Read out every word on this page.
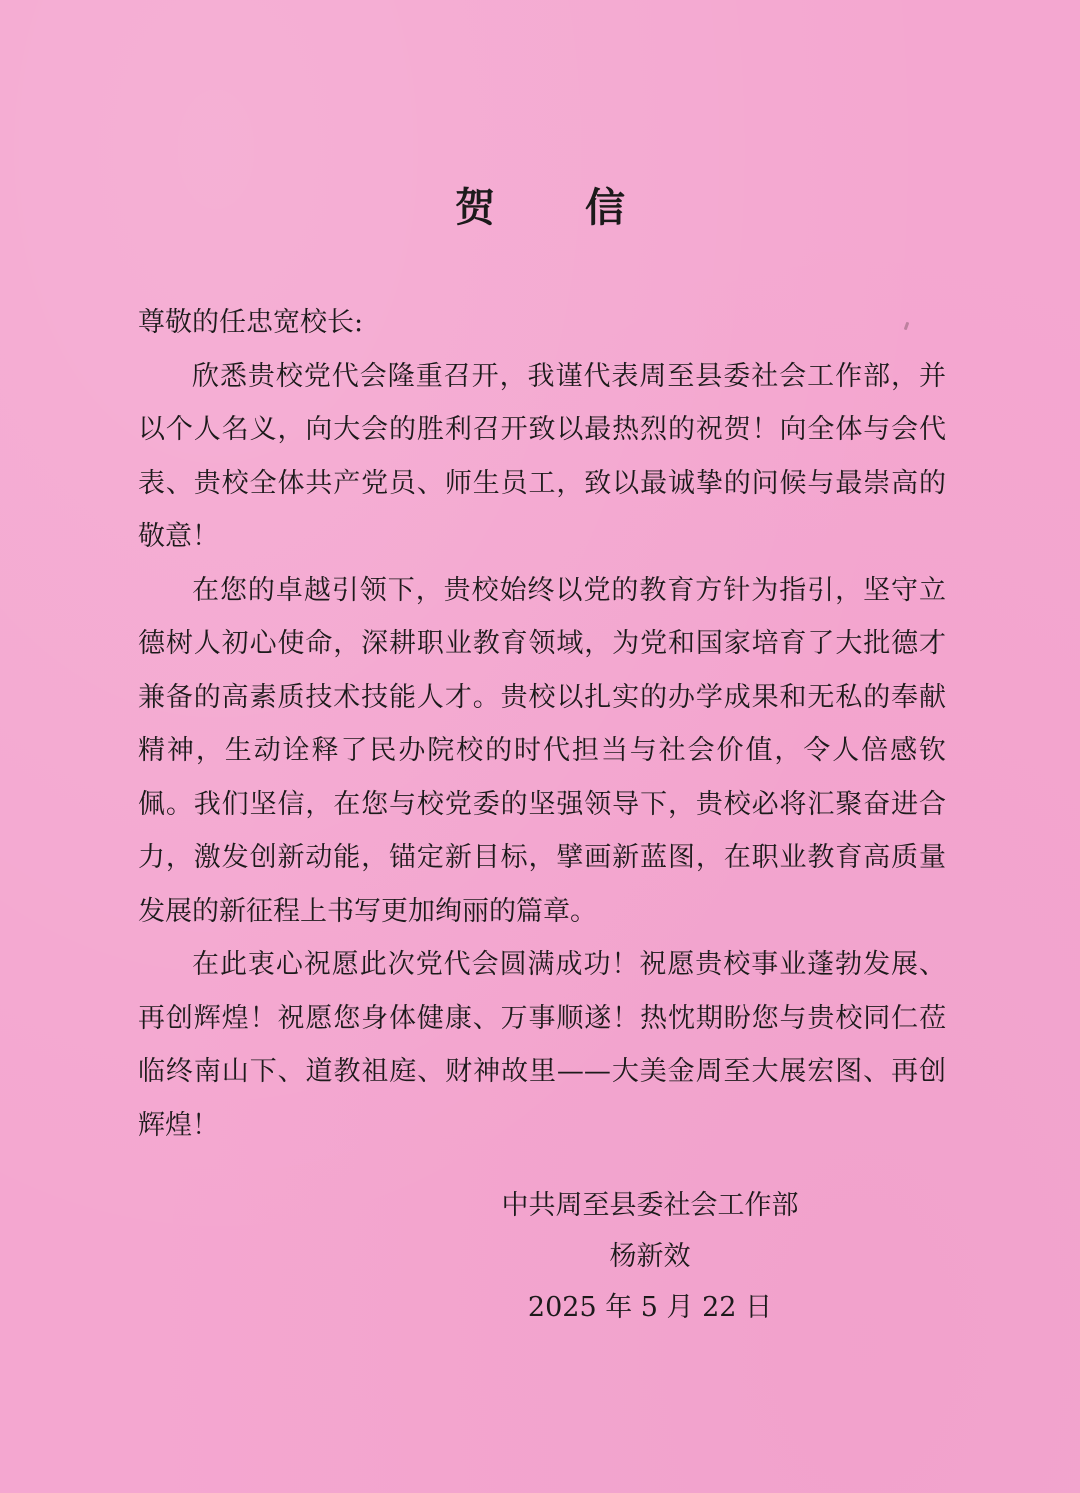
贺 信

尊敬的任忠宽校长:

欣悉贵校党代会隆重召开，我谨代表周至县委社会工作部，并以个人名义，向大会的胜利召开致以最热烈的祝贺！向全体与会代表、贵校全体共产党员、师生员工，致以最诚挚的问候与最崇高的敬意！

在您的卓越引领下，贵校始终以党的教育方针为指引，坚守立德树人初心使命，深耕职业教育领域，为党和国家培育了大批德才兼备的高素质技术技能人才。贵校以扎实的办学成果和无私的奉献精神，生动诠释了民办院校的时代担当与社会价值，令人倍感钦佩。我们坚信，在您与校党委的坚强领导下，贵校必将汇聚奋进合力，激发创新动能，锚定新目标，擘画新蓝图，在职业教育高质量发展的新征程上书写更加绚丽的篇章。

在此衷心祝愿此次党代会圆满成功！祝愿贵校事业蓬勃发展、再创辉煌！祝愿您身体健康、万事顺遂！热忱期盼您与贵校同仁莅临终南山下、道教祖庭、财神故里——大美金周至大展宏图、再创辉煌！

中共周至县委社会工作部
杨新效
2025 年 5 月 22 日
